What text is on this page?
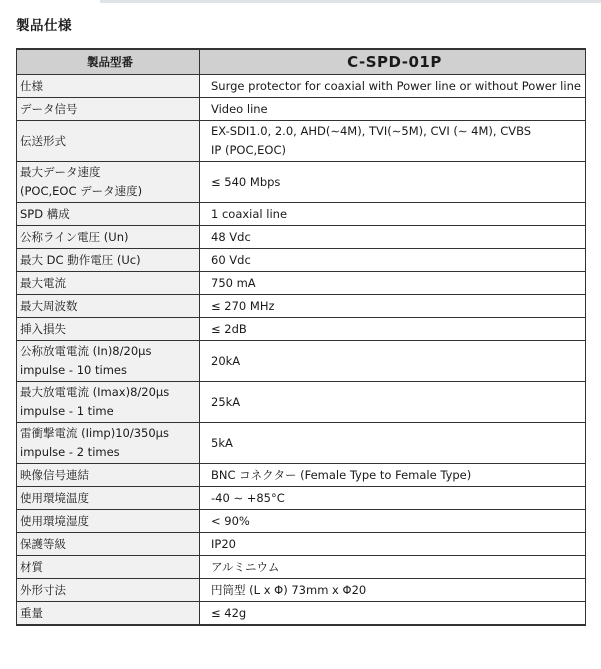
製品仕様
製品型番	C-SPD-01P

仕様	Surge protector for coaxial with Power line or without Power line

データ信号	Video line

伝送形式	EX-SDI1.0, 2.0, AHD(∼4M), TVI(∼5M), CVI (∼ 4M), CVBS
IP (POC,EOC)

最大データ速度
(POC,EOC データ速度)	≤ 540 Mbps

SPD 構成	1 coaxial line

公称ライン電圧 (Un)	48 Vdc

最大 DC 動作電圧 (Uc)	60 Vdc

最大電流	750 mA

最大周波数	≤ 270 MHz

挿入損失	≤ 2dB

公称放電電流 (In)8/20μs
impulse - 10 times	20kA

最大放電電流 (Imax)8/20μs
impulse - 1 time	25kA

雷衝撃電流 (Iimp)10/350μs
impulse - 2 times	5kA

映像信号連結	BNC コネクター (Female Type to Female Type)

使用環境温度	-40 ∼ +85°C

使用環境湿度	< 90%

保護等級	IP20

材質	アルミニウム

外形寸法	円筒型 (L x Φ) 73mm x Φ20

重量	≤ 42g
